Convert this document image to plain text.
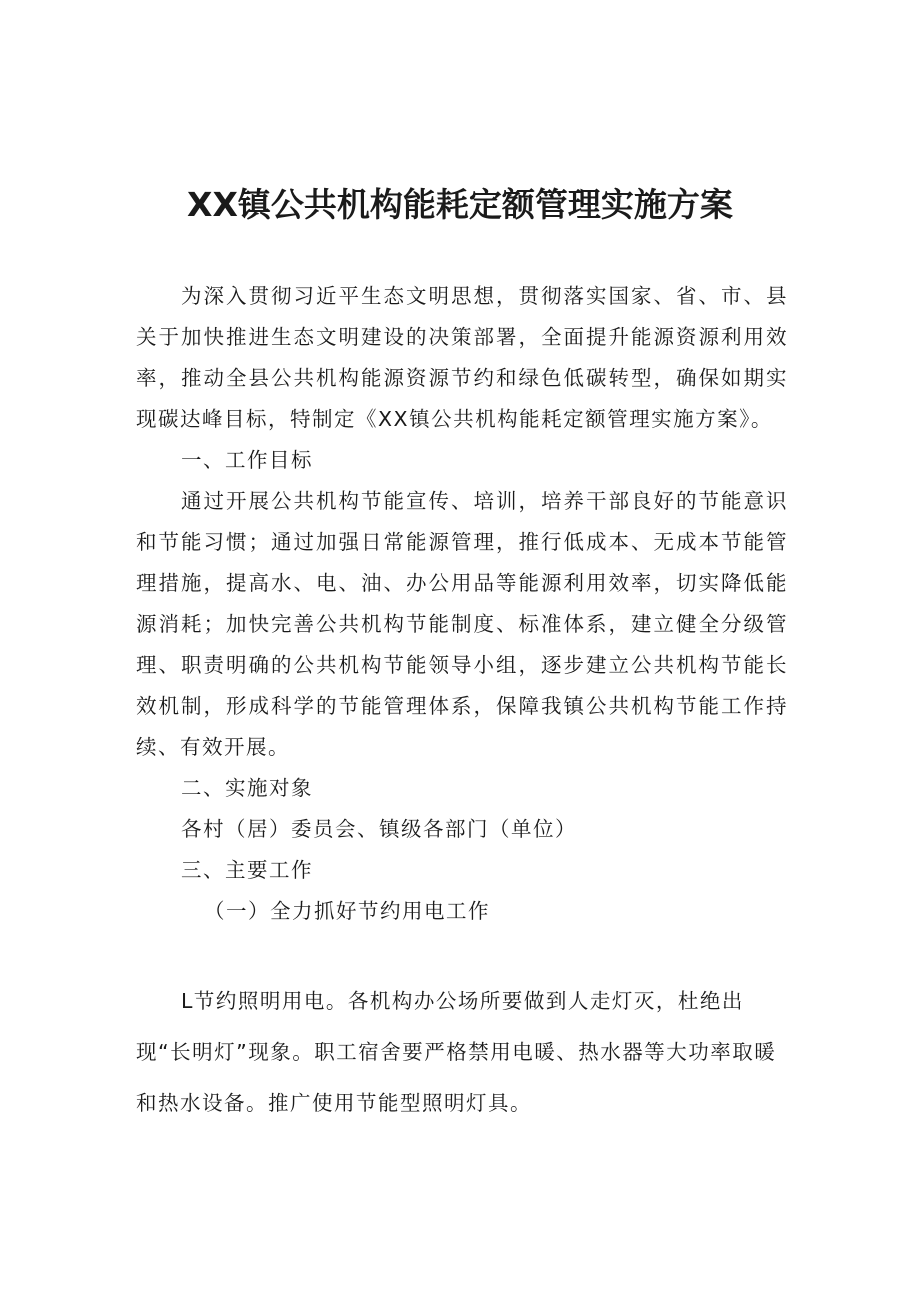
XX镇公共机构能耗定额管理实施方案

为深入贯彻习近平生态文明思想，贯彻落实国家、省、市、县关于加快推进生态文明建设的决策部署，全面提升能源资源利用效率，推动全县公共机构能源资源节约和绿色低碳转型，确保如期实现碳达峰目标，特制定《XX镇公共机构能耗定额管理实施方案》。

一、工作目标

通过开展公共机构节能宣传、培训，培养干部良好的节能意识和节能习惯；通过加强日常能源管理，推行低成本、无成本节能管理措施，提高水、电、油、办公用品等能源利用效率，切实降低能源消耗；加快完善公共机构节能制度、标准体系，建立健全分级管理、职责明确的公共机构节能领导小组，逐步建立公共机构节能长效机制，形成科学的节能管理体系，保障我镇公共机构节能工作持续、有效开展。

二、实施对象

各村（居）委员会、镇级各部门（单位）

三、主要工作

（一）全力抓好节约用电工作

L节约照明用电。各机构办公场所要做到人走灯灭，杜绝出现“长明灯”现象。职工宿舍要严格禁用电暖、热水器等大功率取暖和热水设备。推广使用节能型照明灯具。
